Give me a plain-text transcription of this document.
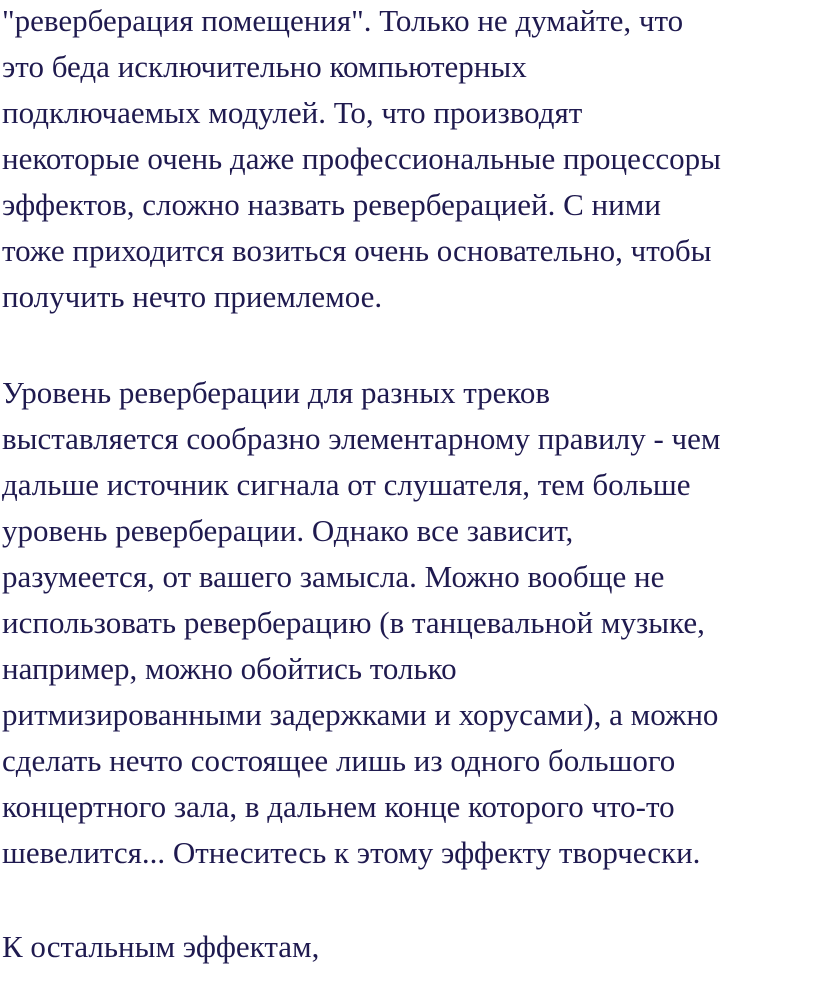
"реверберация помещения". Только не думайте, что

это беда исключительно компьютерных

подключаемых модулей. То, что производят

некоторые очень даже профессиональные процессоры

эффектов, сложно назвать реверберацией. С ними

тоже приходится возиться очень основательно, чтобы

получить нечто приемлемое.

Уровень реверберации для разных треков

выставляется сообразно элементарному правилу - чем

дальше источник сигнала от слушателя, тем больше

уровень реверберации. Однако все зависит,

разумеется, от вашего замысла. Можно вообще не

использовать реверберацию (в танцевальной музыке,

например, можно обойтись только

ритмизированными задержками и хорусами), а можно

сделать нечто состоящее лишь из одного большого

концертного зала, в дальнем конце которого что-то

шевелится... Отнеситесь к этому эффекту творчески.

К остальным эффектам,
